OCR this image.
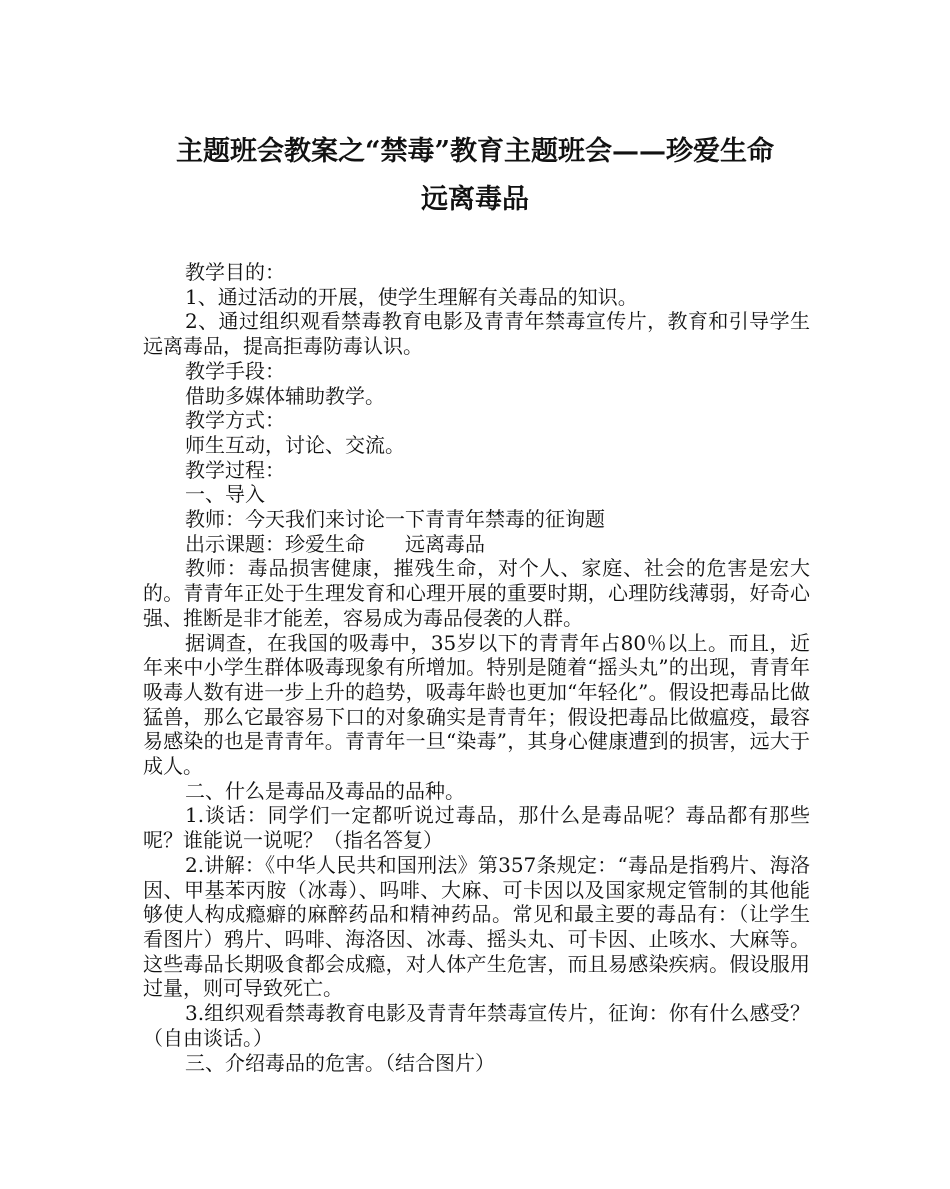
主题班会教案之“禁毒”教育主题班会——珍爱生命
远离毒品

教学目的：

1、通过活动的开展，使学生理解有关毒品的知识。

2、通过组织观看禁毒教育电影及青青年禁毒宣传片，教育和引导学生远离毒品，提高拒毒防毒认识。

教学手段：

借助多媒体辅助教学。

教学方式：

师生互动，讨论、交流。

教学过程：

一、导入

教师：今天我们来讨论一下青青年禁毒的征询题

出示课题：珍爱生命　　远离毒品

教师：毒品损害健康，摧残生命，对个人、家庭、社会的危害是宏大的。青青年正处于生理发育和心理开展的重要时期，心理防线薄弱，好奇心强、推断是非才能差，容易成为毒品侵袭的人群。

据调查，在我国的吸毒中，35岁以下的青青年占80％以上。而且，近年来中小学生群体吸毒现象有所增加。特别是随着“摇头丸”的出现，青青年吸毒人数有进一步上升的趋势，吸毒年龄也更加“年轻化”。假设把毒品比做猛兽，那么它最容易下口的对象确实是青青年；假设把毒品比做瘟疫，最容易感染的也是青青年。青青年一旦“染毒”，其身心健康遭到的损害，远大于成人。

二、什么是毒品及毒品的品种。

1.谈话：同学们一定都听说过毒品，那什么是毒品呢？毒品都有那些呢？谁能说一说呢？（指名答复）

2.讲解：《中华人民共和国刑法》第357条规定：“毒品是指鸦片、海洛因、甲基苯丙胺（冰毒）、吗啡、大麻、可卡因以及国家规定管制的其他能够使人构成瘾癖的麻醉药品和精神药品。常见和最主要的毒品有：（让学生看图片）鸦片、吗啡、海洛因、冰毒、摇头丸、可卡因、止咳水、大麻等。这些毒品长期吸食都会成瘾，对人体产生危害，而且易感染疾病。假设服用过量，则可导致死亡。

3.组织观看禁毒教育电影及青青年禁毒宣传片，征询：你有什么感受？（自由谈话。）

三、介绍毒品的危害。（结合图片）
